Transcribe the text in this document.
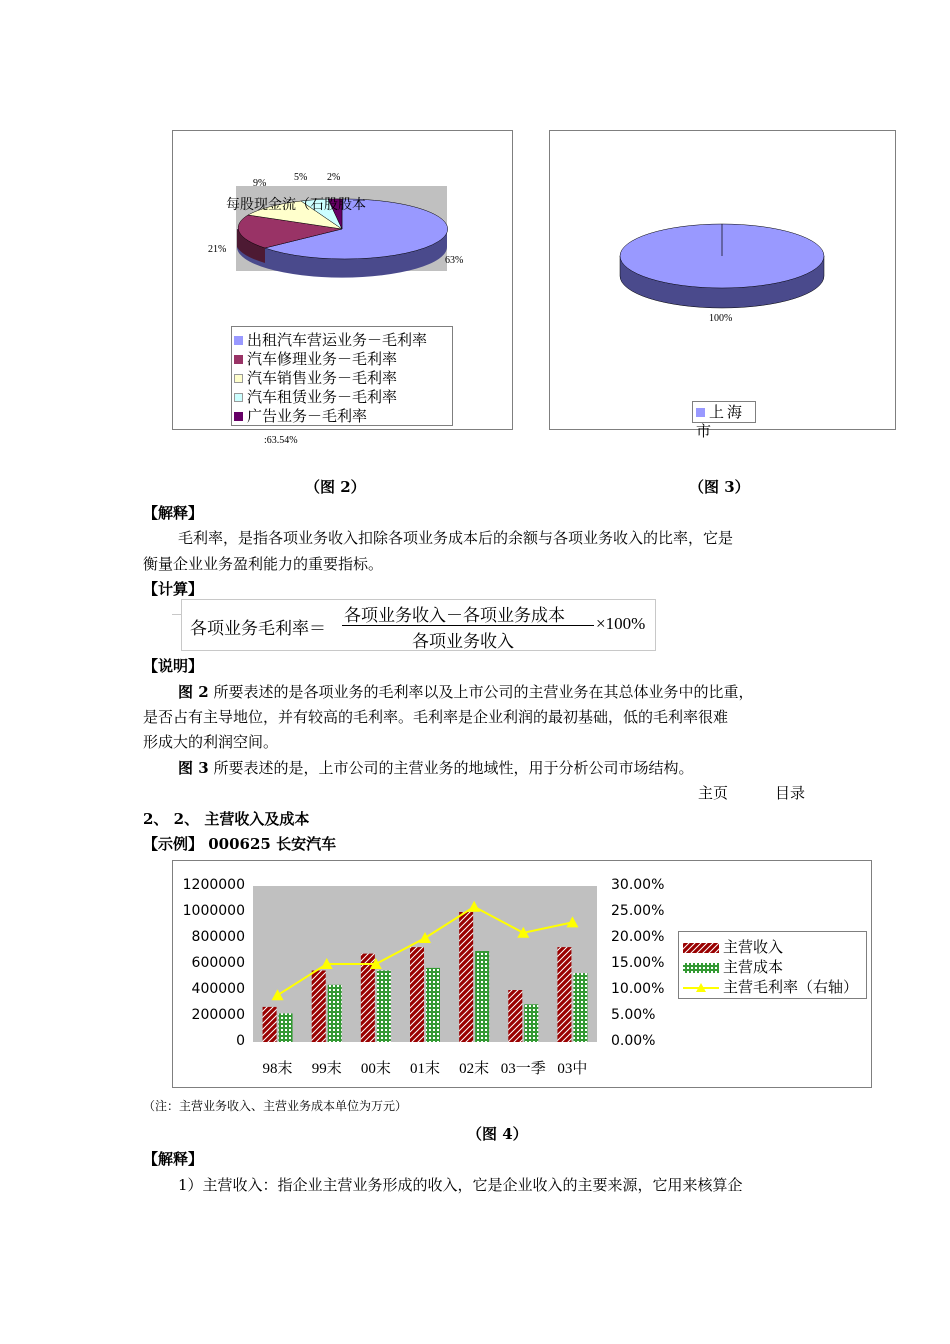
63%
21%
9%
5% 2%
每股现金流（石股股本
出租汽车营运业务－毛利率
汽车修理业务－毛利率
汽车销售业务－毛利率
汽车租赁业务－毛利率
广告业务－毛利率
:63.54%
（图 2）
100%
上海市
（图 3）
【解释】
毛利率，是指各项业务收入扣除各项业务成本后的余额与各项业务收入的比率，它是
衡量企业业务盈利能力的重要指标。
【计算】
各项业务毛利率＝
各项业务收入－各项业务成本
各项业务收入
×100%
【说明】
图 2 所要表述的是各项业务的毛利率以及上市公司的主营业务在其总体业务中的比重，
是否占有主导地位，并有较高的毛利率。毛利率是企业利润的最初基础，低的毛利率很难
形成大的利润空间。
图 3 所要表述的是，上市公司的主营业务的地域性，用于分析公司市场结构。
主页	目录
2、 2、 主营收入及成本
【示例】 000625 长安汽车
主营收入
主营成本
主营毛利率（右轴）
1200000
1000000
800000
600000
400000
200000
0
30.00%
25.00%
20.00%
15.00%
10.00%
5.00%
0.00%
98末	99末	00末	01末	02末 03一季 03中
（注：主营业务收入、主营业务成本单位为万元）
（图 4）
【解释】
1）主营收入：指企业主营业务形成的收入，它是企业收入的主要来源，它用来核算企
